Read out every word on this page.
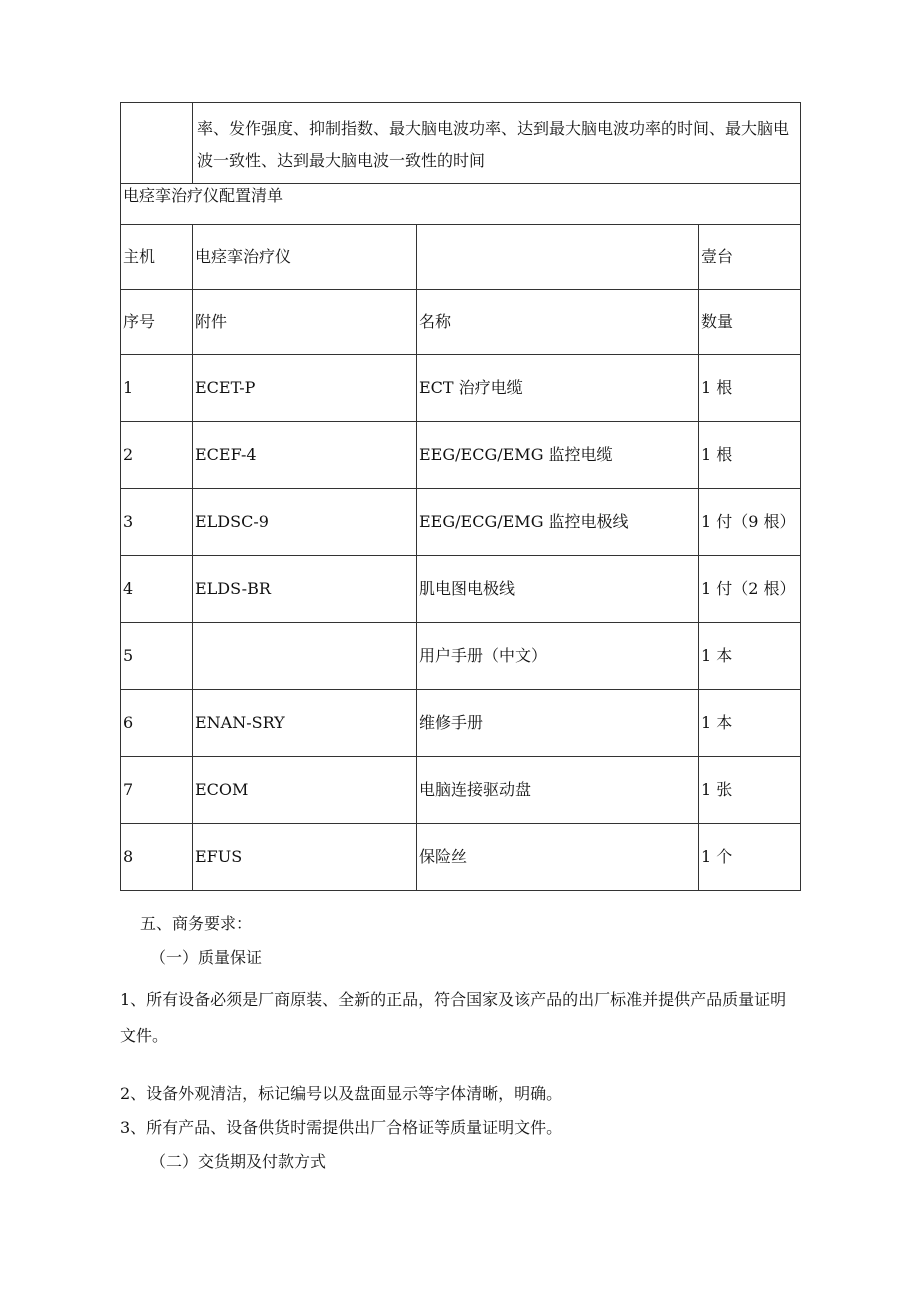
	率、发作强度、抑制指数、最大脑电波功率、达到最大脑电波功率的时间、最大脑电波一致性、达到最大脑电波一致性的时间		
电痉挛治疗仪配置清单			
主机	电痉挛治疗仪		壹台
序号	附件	名称	数量
1	ECET-P	ECT 治疗电缆	1 根
2	ECEF-4	EEG/ECG/EMG 监控电缆	1 根
3	ELDSC-9	EEG/ECG/EMG 监控电极线	1 付（9 根）
4	ELDS-BR	肌电图电极线	1 付（2 根）
5		用户手册（中文）	1 本
6	ENAN-SRY	维修手册	1 本
7	ECOM	电脑连接驱动盘	1 张
8	EFUS	保险丝	1 个

五、商务要求：

（一）质量保证

1、所有设备必须是厂商原装、全新的正品，符合国家及该产品的出厂标准并提供产品质量证明文件。

2、设备外观清洁，标记编号以及盘面显示等字体清晰，明确。

3、所有产品、设备供货时需提供出厂合格证等质量证明文件。

（二）交货期及付款方式
